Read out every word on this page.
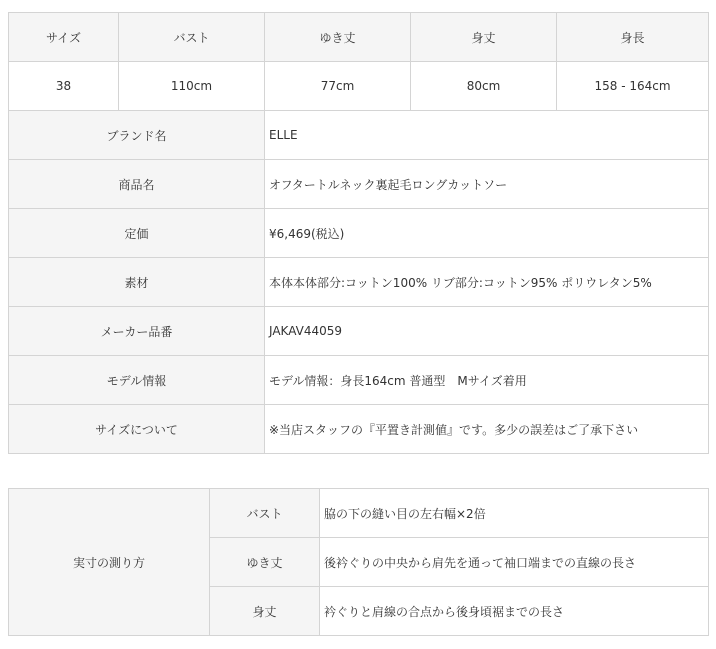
サイズ	バスト	ゆき丈	身丈	身長
38	110cm	77cm	80cm	158 - 164cm
ブランド名		ELLE		
商品名		オフタートルネック裏起毛ロングカットソー		
定価		¥6,469(税込)		
素材		本体本体部分:コットン100% リブ部分:コットン95% ポリウレタン5%		
メーカー品番		JAKAV44059		
モデル情報		モデル情報：身長164cm 普通型　Mサイズ着用		
サイズについて		※当店スタッフの『平置き計測値』です。多少の誤差はご了承下さい		
実寸の測り方	バスト	脇の下の縫い目の左右幅×2倍
	ゆき丈	後衿ぐりの中央から肩先を通って袖口端までの直線の長さ
	身丈	衿ぐりと肩線の合点から後身頃裾までの長さ
